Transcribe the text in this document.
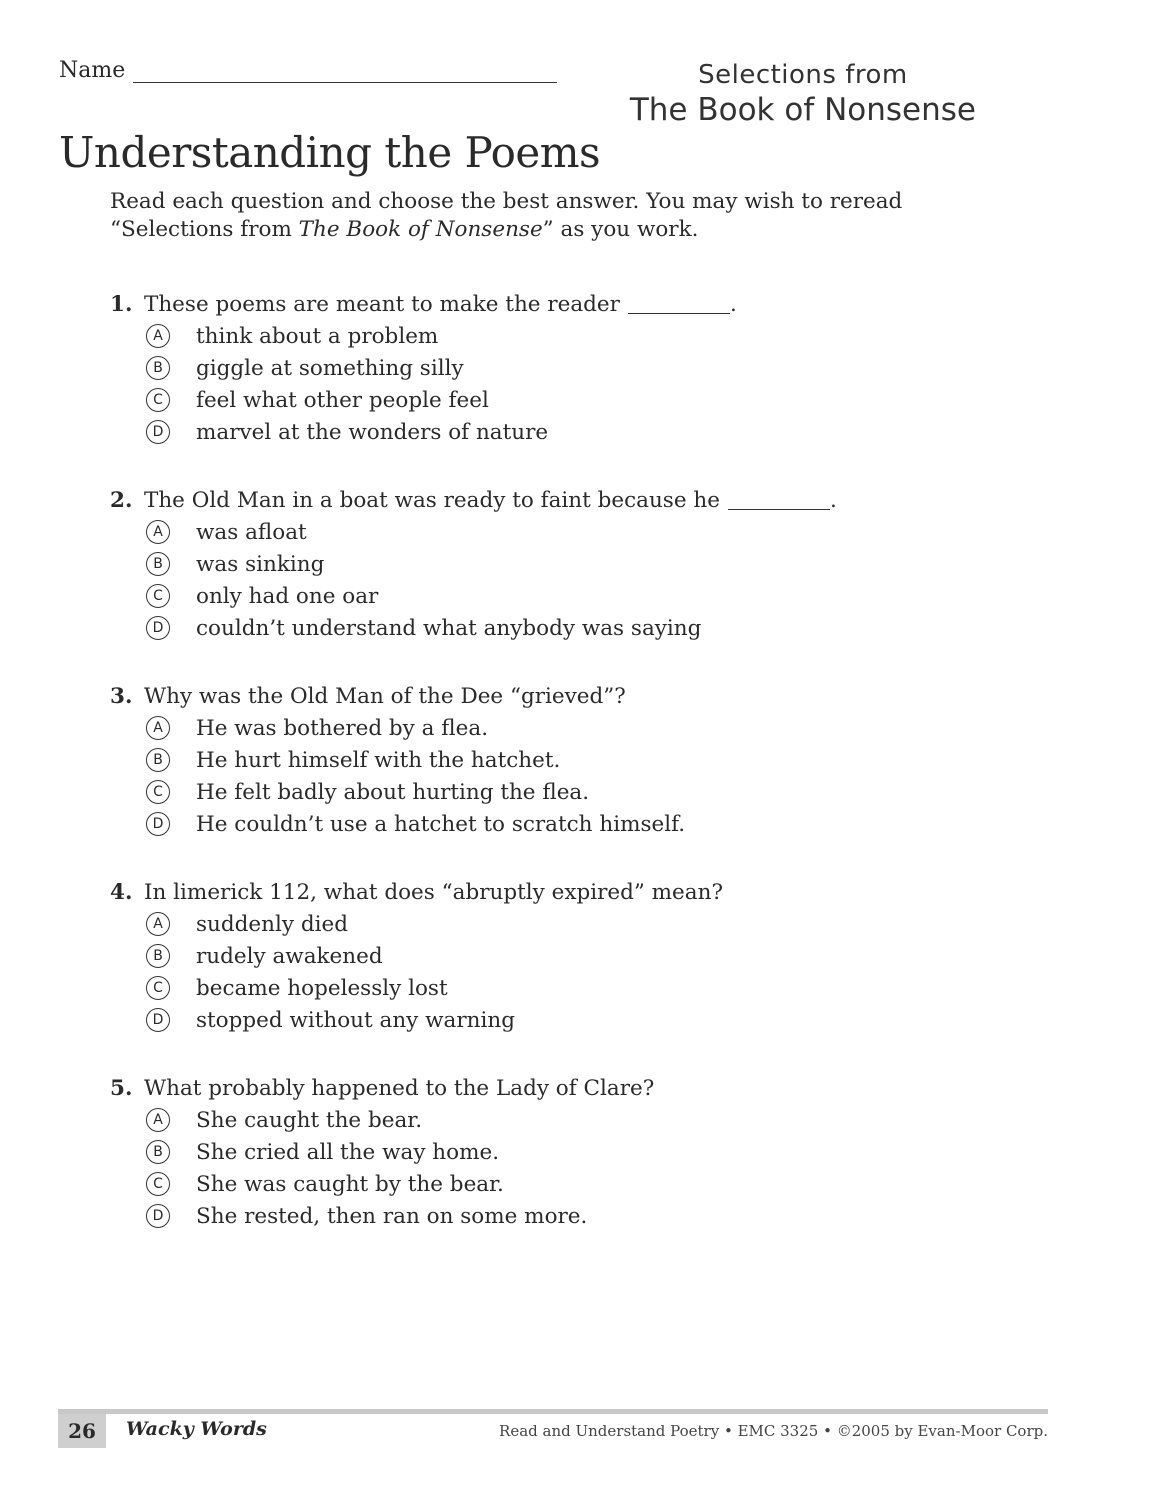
Name	Selections from
The Book of Nonsense
Understanding the Poems

Read each question and choose the best answer. You may wish to reread “Selections from The Book of Nonsense” as you work.

1. These poems are meant to make the reader	.
A	think about a problem
B	giggle at something silly
C	feel what other people feel
D	marvel at the wonders of nature
2. The Old Man in a boat was ready to faint because he	.
A	was afloat
B	was sinking
C	only had one oar
D	couldn’t understand what anybody was saying
3. Why was the Old Man of the Dee “grieved”?
A	He was bothered by a flea.
B	He hurt himself with the hatchet.
C	He felt badly about hurting the flea.
D	He couldn’t use a hatchet to scratch himself.
4. In limerick 112, what does “abruptly expired” mean?
A	suddenly died
B	rudely awakened
C	became hopelessly lost
D	stopped without any warning
5. What probably happened to the Lady of Clare?
A	She caught the bear.
B	She cried all the way home.
C	She was caught by the bear.
D	She rested, then ran on some more.
26	Wacky Words	Read and Understand Poetry • EMC 3325 • ©2005 by Evan-Moor Corp.
